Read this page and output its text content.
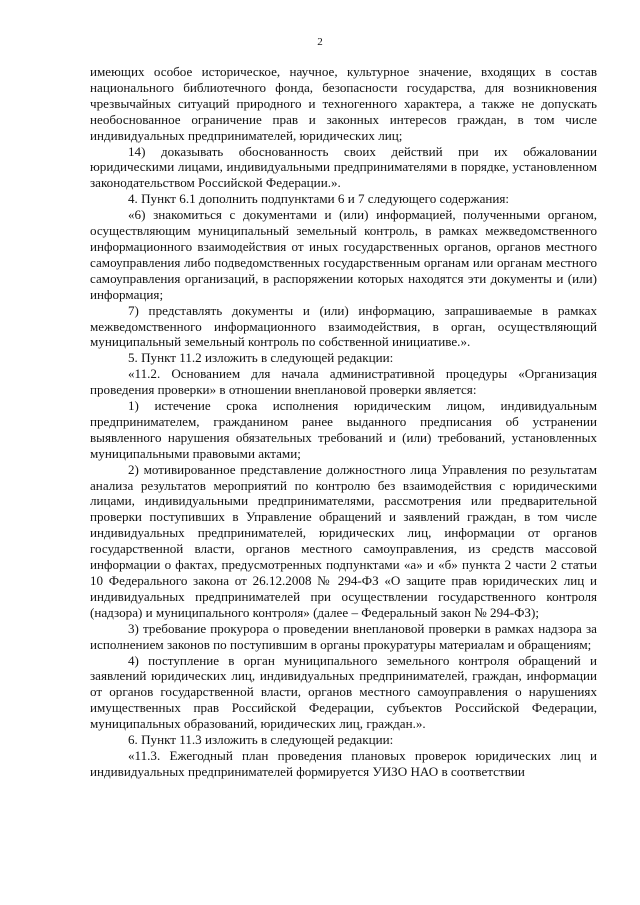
2

имеющих особое историческое, научное, культурное значение, входящих в состав национального библиотечного фонда, безопасности государства, для возникновения чрезвычайных ситуаций природного и техногенного характера, а также не допускать необоснованное ограничение прав и законных интересов граждан, в том числе индивидуальных предпринимателей, юридических лиц;

14) доказывать обоснованность своих действий при их обжаловании юридическими лицами, индивидуальными предпринимателями в порядке, установленном законодательством Российской Федерации.».

4. Пункт 6.1 дополнить подпунктами 6 и 7 следующего содержания:

«6) знакомиться с документами и (или) информацией, полученными органом, осуществляющим муниципальный земельный контроль, в рамках межведомственного информационного взаимодействия от иных государственных органов, органов местного самоуправления либо подведомственных государственным органам или органам местного самоуправления организаций, в распоряжении которых находятся эти документы и (или) информация;

7) представлять документы и (или) информацию, запрашиваемые в рамках межведомственного информационного взаимодействия, в орган, осуществляющий муниципальный земельный контроль по собственной инициативе.».

5. Пункт 11.2 изложить в следующей редакции:

«11.2. Основанием для начала административной процедуры «Организация проведения проверки» в отношении внеплановой проверки является:

1) истечение срока исполнения юридическим лицом, индивидуальным предпринимателем, гражданином ранее выданного предписания об устранении выявленного нарушения обязательных требований и (или) требований, установленных муниципальными правовыми актами;

2) мотивированное представление должностного лица Управления по результатам анализа результатов мероприятий по контролю без взаимодействия с юридическими лицами, индивидуальными предпринимателями, рассмотрения или предварительной проверки поступивших в Управление обращений и заявлений граждан, в том числе индивидуальных предпринимателей, юридических лиц, информации от органов государственной власти, органов местного самоуправления, из средств массовой информации о фактах, предусмотренных подпунктами «а» и «б» пункта 2 части 2 статьи 10 Федерального закона от 26.12.2008 № 294-ФЗ «О защите прав юридических лиц и индивидуальных предпринимателей при осуществлении государственного контроля (надзора) и муниципального контроля» (далее – Федеральный закон № 294-ФЗ);

3) требование прокурора о проведении внеплановой проверки в рамках надзора за исполнением законов по поступившим в органы прокуратуры материалам и обращениям;

4) поступление в орган муниципального земельного контроля обращений и заявлений юридических лиц, индивидуальных предпринимателей, граждан, информации от органов государственной власти, органов местного самоуправления о нарушениях имущественных прав Российской Федерации, субъектов Российской Федерации, муниципальных образований, юридических лиц, граждан.».

6. Пункт 11.3 изложить в следующей редакции:

«11.3. Ежегодный план проведения плановых проверок юридических лиц и индивидуальных предпринимателей формируется УИЗО НАО в соответствии
